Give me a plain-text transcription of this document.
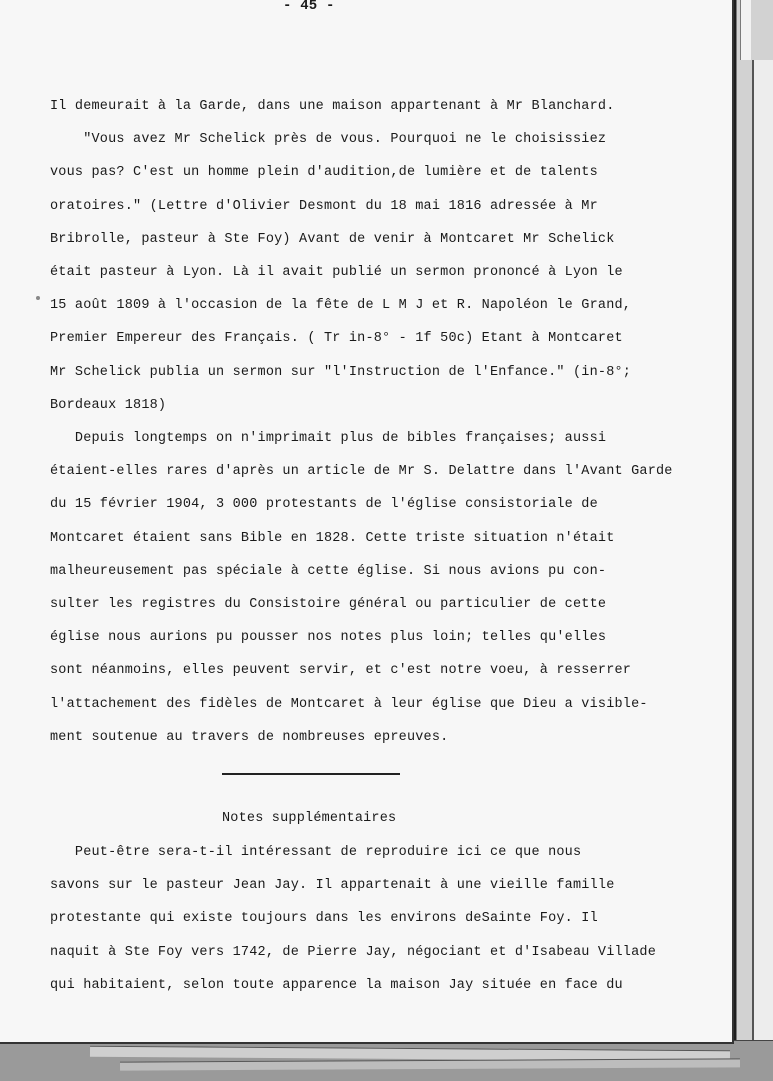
- 45 -
Il demeurait à la Garde, dans une maison appartenant à Mr Blanchard.
"Vous avez Mr Schelick près de vous. Pourquoi ne le choisissiez
vous pas? C'est un homme plein d'audition,de lumière et de talents
oratoires." (Lettre d'Olivier Desmont du 18 mai 1816 adressée à Mr
Bribrolle, pasteur à Ste Foy) Avant de venir à Montcaret Mr Schelick
était pasteur à Lyon. Là il avait publié un sermon prononcé à Lyon le
15 août 1809 à l'occasion de la fête de L M J et R. Napoléon le Grand,
Premier Empereur des Français. ( Tr in-8° - 1f 50c) Etant à Montcaret
Mr Schelick publia un sermon sur "l'Instruction de l'Enfance." (in-8°;
Bordeaux 1818)
Depuis longtemps on n'imprimait plus de bibles françaises; aussi
étaient-elles rares d'après un article de Mr S. Delattre dans l'Avant Garde
du 15 février 1904, 3 000 protestants de l'église consistoriale de
Montcaret étaient sans Bible en 1828. Cette triste situation n'était
malheureusement pas spéciale à cette église. Si nous avions pu con-
sulter les registres du Consistoire général ou particulier de cette
église nous aurions pu pousser nos notes plus loin; telles qu'elles
sont néanmoins, elles peuvent servir, et c'est notre voeu, à resserrer
l'attachement des fidèles de Montcaret à leur église que Dieu a visible-
ment soutenue au travers de nombreuses epreuves.
Peut-être sera-t-il intéressant de reproduire ici ce que nous
savons sur le pasteur Jean Jay. Il appartenait à une vieille famille
protestante qui existe toujours dans les environs deSainte Foy. Il
naquit à Ste Foy vers 1742, de Pierre Jay, négociant et d'Isabeau Villade
qui habitaient, selon toute apparence la maison Jay située en face du
Notes supplémentaires
